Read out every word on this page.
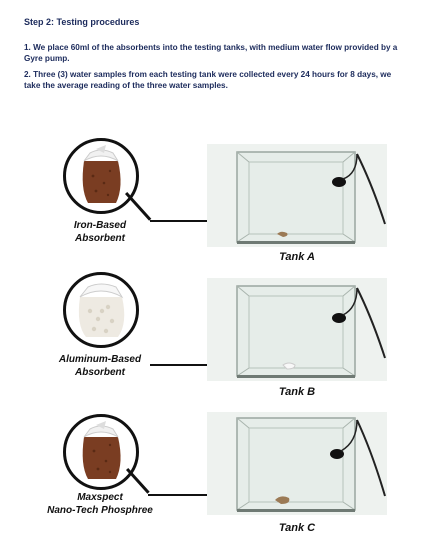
Step 2: Testing procedures
1. We place 60ml of the absorbents into the testing tanks, with medium water flow provided by a Gyre pump.
2. Three (3) water samples from each testing tank were collected every 24 hours for 8 days, we take the average reading of the three water samples.
Iron-Based
Absorbent
Tank A
Aluminum-Based
Absorbent
Tank B
Maxspect
Nano-Tech Phosphree
Tank C
